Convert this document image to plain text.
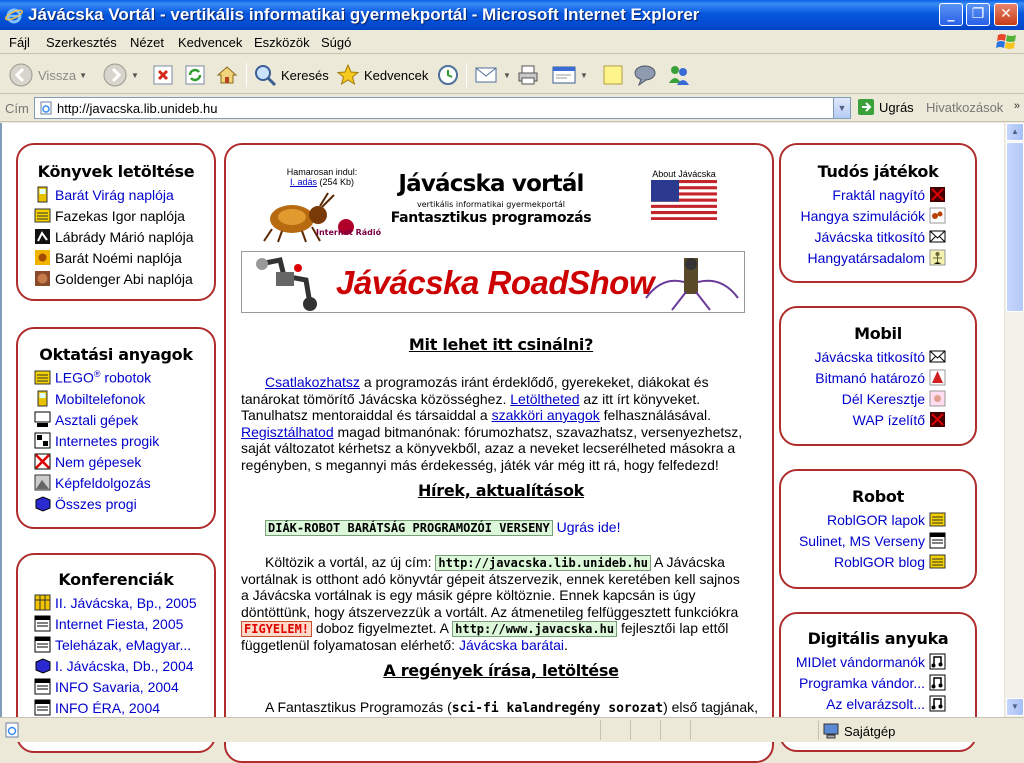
Jávácska Vortál - vertikális informatikai gyermekportál - Microsoft Internet Explorer	_	❐	✕
Fájl Szerkesztés Nézet Kedvencek Eszközök Súgó
Vissza ▼	▼	Keresés	Kedvencek	▼	▼
Cím http://javacska.lib.unideb.hu	▼	Ugrás Hivatkozások »
Könyvek letöltése
Barát Virág naplója
Fazekas Igor naplója
Lábrády Márió naplója
Barát Noémi naplója
Goldenger Abi naplója
Oktatási anyagok
LEGO® robotok
Mobiltelefonok
Asztali gépek
Internetes progik
Nem gépesek
Képfeldolgozás
Összes progi
Konferenciák
II. Jávácska, Bp., 2005
Internet Fiesta, 2005
Teleházak, eMagyar...
I. Jávácska, Db., 2004
INFO Savaria, 2004
INFO ÉRA, 2004
Hamarosan indul:
I. adás (254 Kb)
Internet Rádió
Jávácska vortál
vertikális informatikai gyermekportál
Fantasztikus programozás
About Jávácska
Jávácska RoadShow
Mit lehet itt csinálni?

Csatlakozhatsz a programozás iránt érdeklődő, gyerekeket, diákokat és tanárokat tömörítő Jávácska közösséghez. Letöltheted az itt írt könyveket. Tanulhatsz mentoraiddal és társaiddal a szakköri anyagok felhasználásával. Regisztálhatod magad bitmanónak: fórumozhatsz, szavazhatsz, versenyezhetsz, saját változatot kérhetsz a könyvekből, azaz a neveket lecserélheted másokra a regényben, s megannyi más érdekesség, játék vár még itt rá, hogy felfedezd!

Hírek, aktualítások
DIÁK-ROBOT BARÁTSÁG PROGRAMOZÓI VERSENY Ugrás ide!

Költözik a vortál, az új cím: http://javacska.lib.unideb.hu A Jávácska vortálnak is otthont adó könyvtár gépeit átszervezik, ennek keretében kell sajnos a Jávácska vortálnak is egy másik gépre költöznie. Ennek kapcsán is úgy döntöttünk, hogy átszervezzük a vortált. Az átmenetileg felfüggesztett funkciókra FIGYELEM! doboz figyelmeztet. A http://www.javacska.hu fejlesztői lap ettől függetlenül folyamatosan elérhető: Jávácska barátai.

A regények írása, letöltése

A Fantasztikus Programozás (sci-fi kalandregény sorozat) első tagjának,

Tudós játékok
Fraktál nagyító
Hangya szimulációk
Jávácska titkosító
Hangyatársadalom
Mobil
Jávácska titkosító
Bitmanó határozó
Dél Keresztje
WAP ízelítő
Robot
RoblGOR lapok
Sulinet, MS Verseny
RoblGOR blog
Digitális anyuka
MIDlet vándormanók
Programka vándor...
Az elvarázsolt...
▲
▼
Sajátgép
